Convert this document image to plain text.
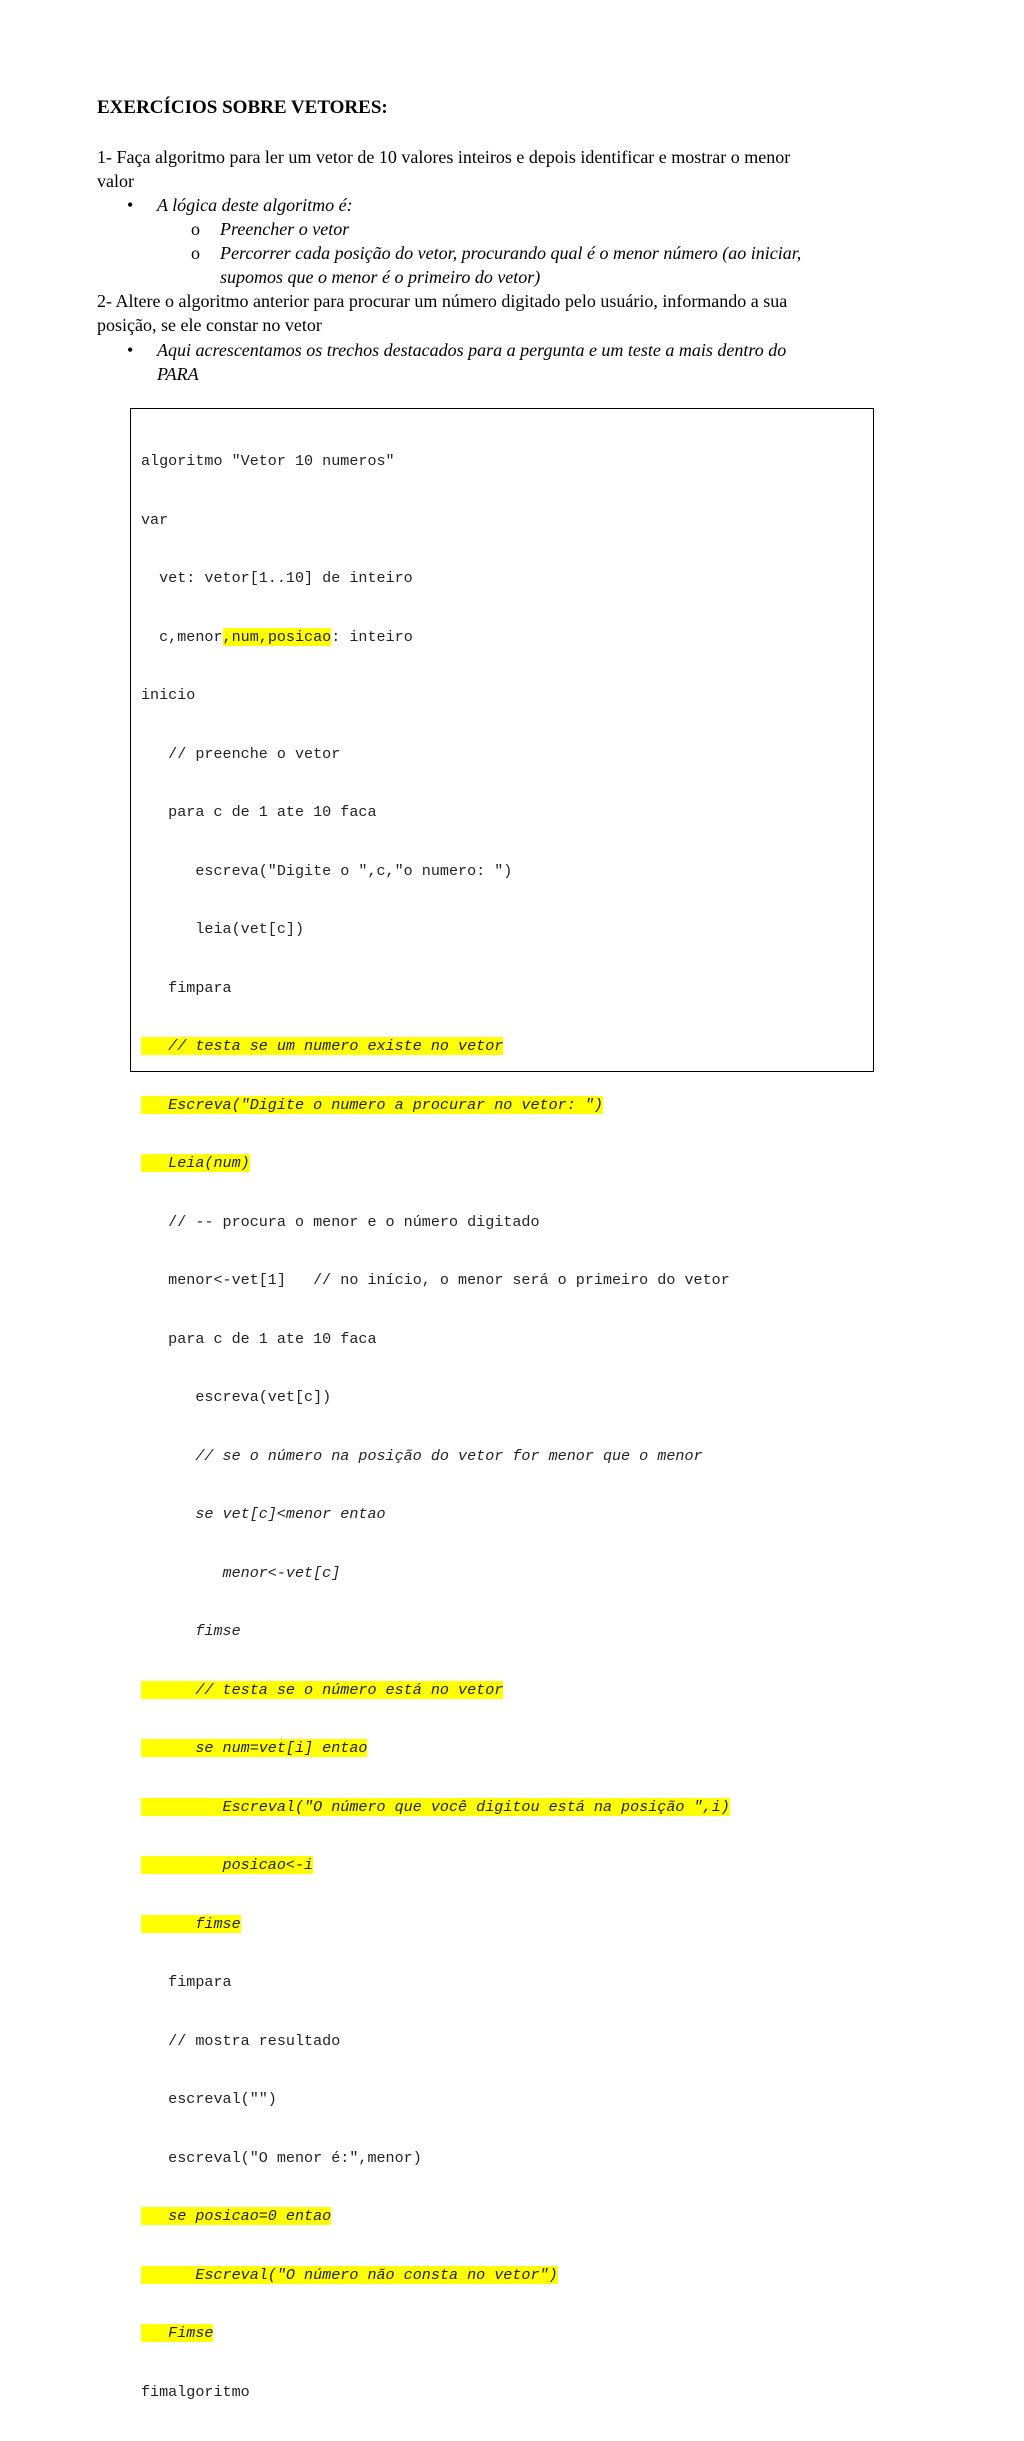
EXERCÍCIOS SOBRE VETORES:
1- Faça algoritmo para ler um vetor de 10 valores inteiros e depois identificar e mostrar o menor
valor
• A lógica deste algoritmo é:
o Preencher o vetor
o Percorrer cada posição do vetor, procurando qual é o menor número (ao iniciar,
supomos que o menor é o primeiro do vetor)
2- Altere o algoritmo anterior para procurar um número digitado pelo usuário, informando a sua
posição, se ele constar no vetor
• Aqui acrescentamos os trechos destacados para a pergunta e um teste a mais dentro do
PARA

algoritmo "Vetor 10 numeros"

var

vet: vetor[1..10] de inteiro

c,menor,num,posicao: inteiro

inicio

// preenche o vetor

para c de 1 ate 10 faca

escreva("Digite o ",c,"o numero: ")

leia(vet[c])

fimpara

// testa se um numero existe no vetor

Escreva("Digite o numero a procurar no vetor: ")

Leia(num)

// -- procura o menor e o número digitado

menor<-vet[1]   // no início, o menor será o primeiro do vetor

para c de 1 ate 10 faca

escreva(vet[c])

// se o número na posição do vetor for menor que o menor

se vet[c]<menor entao

menor<-vet[c]

fimse

// testa se o número está no vetor

se num=vet[i] entao

Escreval("O número que você digitou está na posição ",i)

posicao<-i

fimse

fimpara

// mostra resultado

escreval("")

escreval("O menor é:",menor)

se posicao=0 entao

Escreval("O número não consta no vetor")

Fimse

fimalgoritmo
